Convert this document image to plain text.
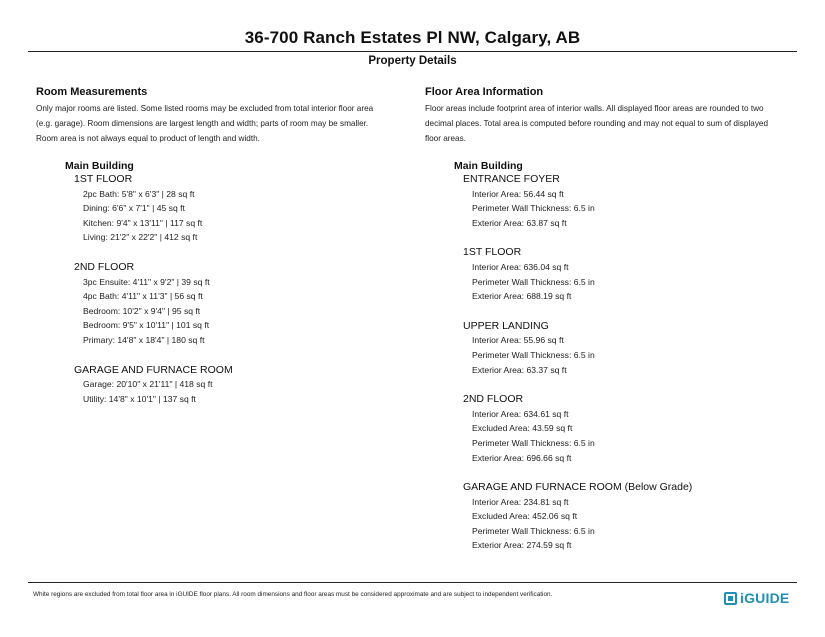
36-700 Ranch Estates Pl NW, Calgary, AB
Property Details
Room Measurements
Only major rooms are listed. Some listed rooms may be excluded from total interior floor area
(e.g. garage). Room dimensions are largest length and width; parts of room may be smaller.
Room area is not always equal to product of length and width.
Main Building
1ST FLOOR
2pc Bath: 5'8" x 6'3" | 28 sq ft
Dining: 6'6" x 7'1" | 45 sq ft
Kitchen: 9'4" x 13'11" | 117 sq ft
Living: 21'2" x 22'2" | 412 sq ft
2ND FLOOR
3pc Ensuite: 4'11" x 9'2" | 39 sq ft
4pc Bath: 4'11" x 11'3" | 56 sq ft
Bedroom: 10'2" x 9'4" | 95 sq ft
Bedroom: 9'5" x 10'11" | 101 sq ft
Primary: 14'8" x 18'4" | 180 sq ft
GARAGE AND FURNACE ROOM
Garage: 20'10" x 21'11" | 418 sq ft
Utility: 14'8" x 10'1" | 137 sq ft
Floor Area Information
Floor areas include footprint area of interior walls. All displayed floor areas are rounded to two
decimal places. Total area is computed before rounding and may not equal to sum of displayed
floor areas.
Main Building
ENTRANCE FOYER
Interior Area: 56.44 sq ft
Perimeter Wall Thickness: 6.5 in
Exterior Area: 63.87 sq ft
1ST FLOOR
Interior Area: 636.04 sq ft
Perimeter Wall Thickness: 6.5 in
Exterior Area: 688.19 sq ft
UPPER LANDING
Interior Area: 55.96 sq ft
Perimeter Wall Thickness: 6.5 in
Exterior Area: 63.37 sq ft
2ND FLOOR
Interior Area: 634.61 sq ft
Excluded Area: 43.59 sq ft
Perimeter Wall Thickness: 6.5 in
Exterior Area: 696.66 sq ft
GARAGE AND FURNACE ROOM (Below Grade)
Interior Area: 234.81 sq ft
Excluded Area: 452.06 sq ft
Perimeter Wall Thickness: 6.5 in
Exterior Area: 274.59 sq ft
White regions are excluded from total floor area in iGUIDE floor plans. All room dimensions and floor areas must be considered approximate and are subject to independent verification.	iGUIDE
